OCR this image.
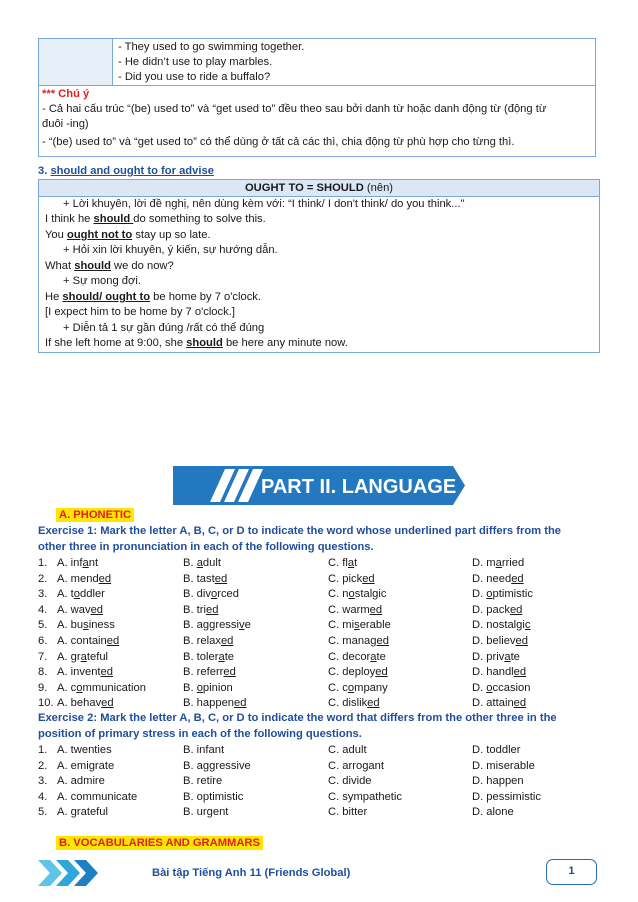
- They used to go swimming together.
- He didn’t use to play marbles.
- Did you use to ride a buffalo?
*** Chú ý
- Cả hai cấu trúc “(be) used to” và “get used to” đều theo sau bởi danh từ hoặc danh động từ (động từ
đuôi -ing)
- “(be) used to” và “get used to” có thể dùng ở tất cả các thì, chia động từ phù hợp cho từng thì.
3. should and ought to for advise
OUGHT TO = SHOULD (nên)
+ Lời khuyên, lời đề nghị, nên dùng kèm với: “I think/ I don't think/ do you think..."
I think he should do something to solve this.
You ought not to stay up so late.
+ Hỏi xin lời khuyên, ý kiến, sự hướng dẫn.
What should we do now?
+ Sự mong đợi.
He should/ ought to be home by 7 o'clock.
[I expect him to be home by 7 o'clock.]
+ Diễn tả 1 sự gần đúng /rất có thể đúng
If she left home at 9:00, she should be here any minute now.
PART II. LANGUAGE
A. PHONETIC
Exercise 1: Mark the letter A, B, C, or D to indicate the word whose underlined part differs from the
other three in pronunciation in each of the following questions.
1. A. infant	B. adult	C. flat	D. married
2. A. mended	B. tasted	C. picked	D. needed
3. A. toddler	B. divorced	C. nostalgic	D. optimistic
4. A. waved	B. tried	C. warmed	D. packed
5. A. business	B. aggressive	C. miserable	D. nostalgic
6. A. contained	B. relaxed	C. managed	D. believed
7. A. grateful	B. tolerate	C. decorate	D. private
8. A. invented	B. referred	C. deployed	D. handled
9. A. communication	B. opinion	C. company	D. occasion
10. A. behaved	B. happened	C. disliked	D. attained
Exercise 2: Mark the letter A, B, C, or D to indicate the word that differs from the other three in the
position of primary stress in each of the following questions.
1. A. twenties	B. infant	C. adult	D. toddler
2. A. emigrate	B. aggressive	C. arrogant	D. miserable
3. A. admire	B. retire	C. divide	D. happen
4. A. communicate	B. optimistic	C. sympathetic	D. pessimistic
5. A. grateful	B. urgent	C. bitter	D. alone
B. VOCABULARIES AND GRAMMARS
Bài tập Tiếng Anh 11 (Friends Global)	1
